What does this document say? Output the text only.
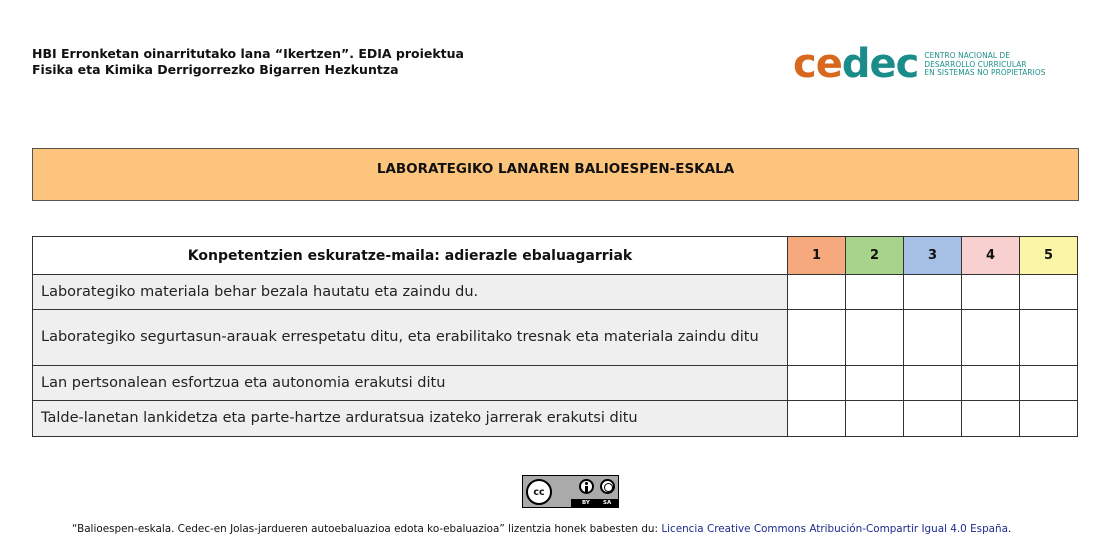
HBI Erronketan oinarritutako lana “Ikertzen”. EDIA proiektua
Fisika eta Kimika Derrigorrezko Bigarren Hezkuntza	cedec CENTRO NACIONAL DE
DESARROLLO CURRICULAR
EN SISTEMAS NO PROPIETARIOS
LABORATEGIKO LANAREN BALIOESPEN-ESKALA
Konpetentzien eskuratze-maila: adierazle ebaluagarriak	1	2	3	4	5
Laborategiko materiala behar bezala hautatu eta zaindu du.					
Laborategiko segurtasun-arauak errespetatu ditu, eta erabilitako tresnak eta materiala zaindu ditu					
Lan pertsonalean esfortzua eta autonomia erakutsi ditu					
Talde-lanetan lankidetza eta parte-hartze arduratsua izateko jarrerak erakutsi ditu					
cc
BY SA
“Balioespen-eskala. Cedec-en Jolas-jardueren autoebaluazioa edota ko-ebaluazioa” lizentzia honek babesten du: Licencia Creative Commons Atribución-Compartir Igual 4.0 España.
